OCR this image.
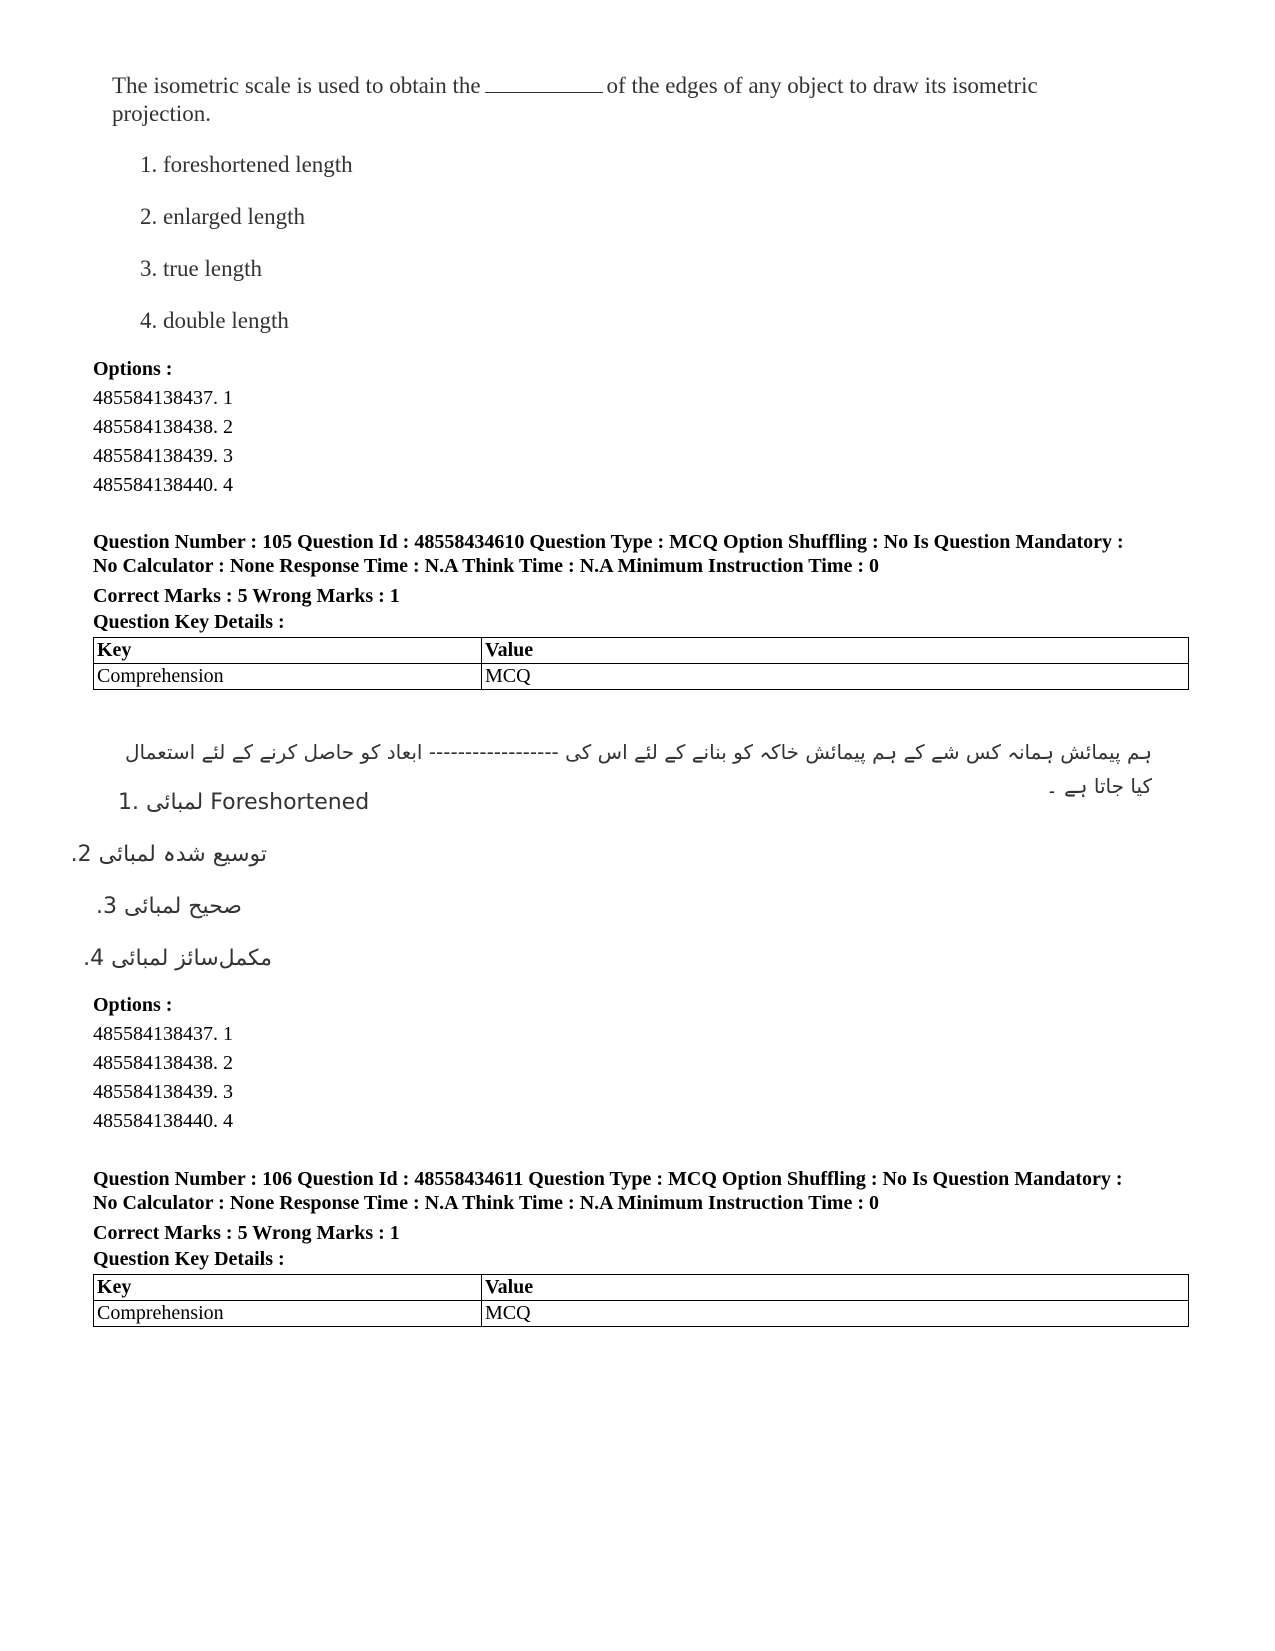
The isometric scale is used to obtain the	of the edges of any object to draw its isometric projection.

1. foreshortened length
2. enlarged length
3. true length
4. double length
Options :
485584138437. 1
485584138438. 2
485584138439. 3
485584138440. 4

Question Number : 105 Question Id : 48558434610 Question Type : MCQ Option Shuffling : No Is Question Mandatory :

No Calculator : None Response Time : N.A Think Time : N.A Minimum Instruction Time : 0

Correct Marks : 5 Wrong Marks : 1

Question Key Details :

Key	Value
Comprehension	MCQ

ہم پیمائش ہمانہ کس شے کے ہم پیمائش خاکہ کو بنانے کے لئے اس کی ------------------ ابعاد کو حاصل کرنے کے لئے استعمال کیا جاتا ہے ۔

1. لمبائی Foreshortened
توسیع شدہ لمبائی 2.
صحیح لمبائی 3.
مکمل‌سائز لمبائی 4.
Options :
485584138437. 1
485584138438. 2
485584138439. 3
485584138440. 4

Question Number : 106 Question Id : 48558434611 Question Type : MCQ Option Shuffling : No Is Question Mandatory :

No Calculator : None Response Time : N.A Think Time : N.A Minimum Instruction Time : 0

Correct Marks : 5 Wrong Marks : 1

Question Key Details :

Key	Value
Comprehension	MCQ
